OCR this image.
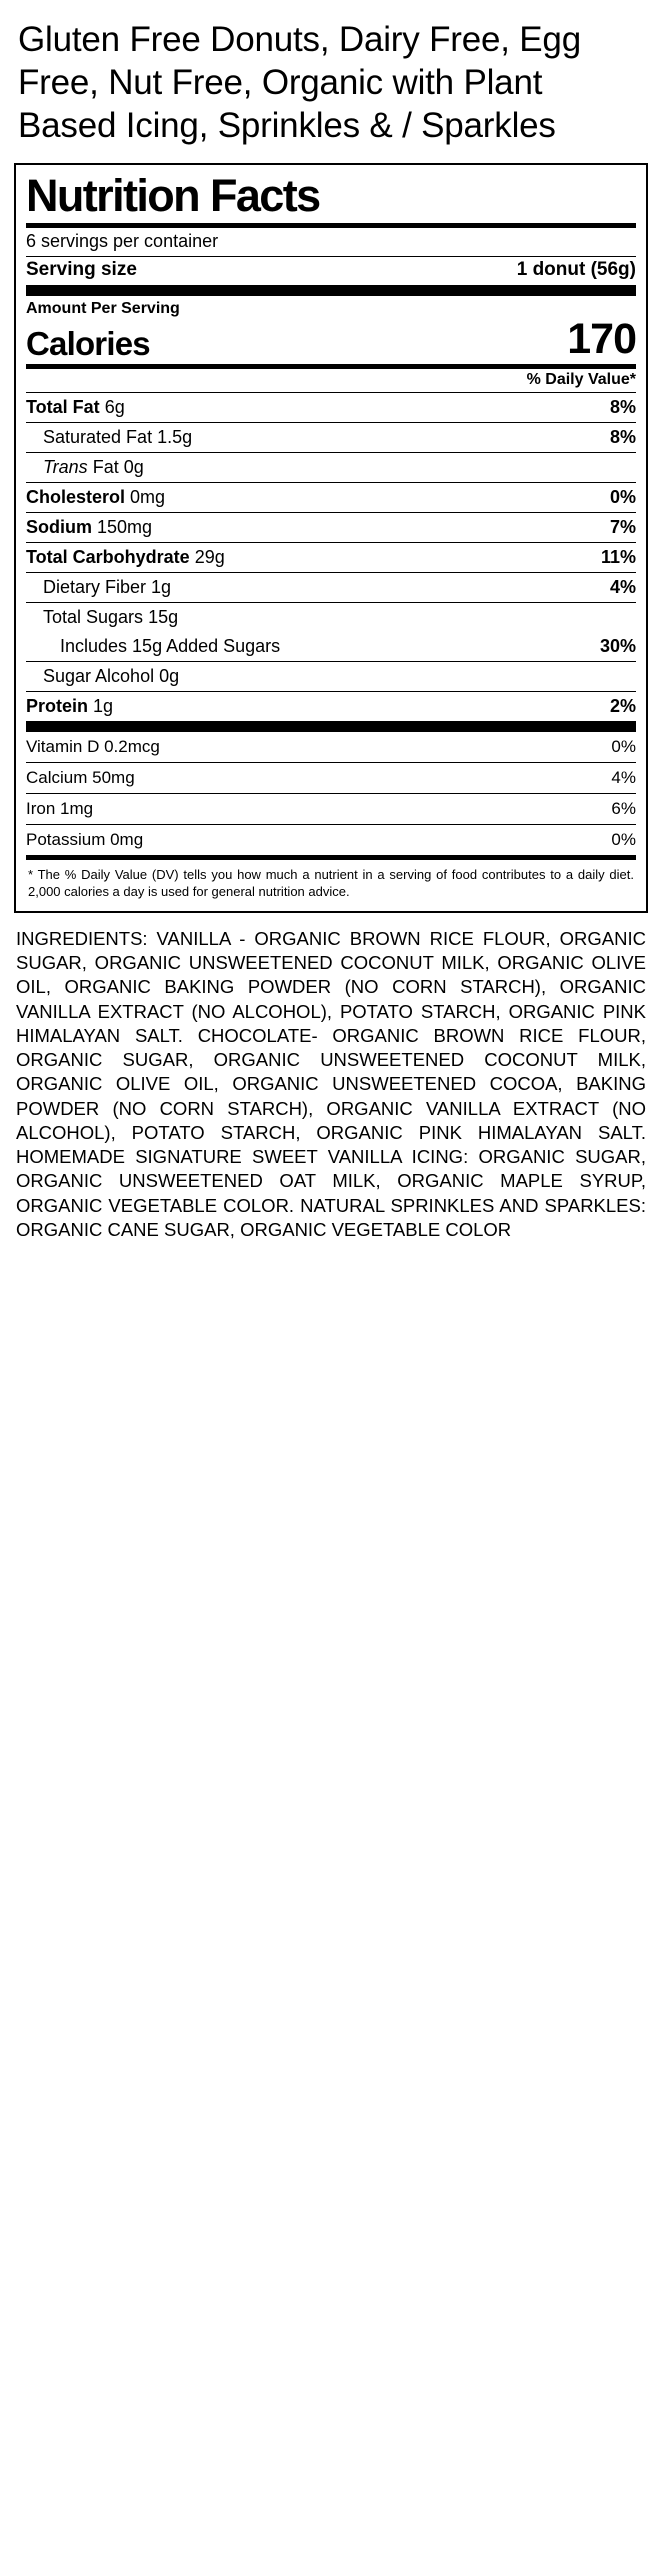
Gluten Free Donuts, Dairy Free, Egg Free, Nut Free, Organic with Plant Based Icing, Sprinkles & / Sparkles
Nutrition Facts
6 servings per container
Serving size	1 donut (56g)
Amount Per Serving
Calories	170
% Daily Value*
Total Fat 6g	8%
Saturated Fat 1.5g	8%
Trans Fat 0g
Cholesterol 0mg	0%
Sodium 150mg	7%
Total Carbohydrate 29g	11%
Dietary Fiber 1g	4%
Total Sugars 15g
Includes 15g Added Sugars	30%
Sugar Alcohol 0g
Protein 1g	2%
Vitamin D 0.2mcg	0%
Calcium 50mg	4%
Iron 1mg	6%
Potassium 0mg	0%
* The % Daily Value (DV) tells you how much a nutrient in a serving of food contributes to a daily diet. 2,000 calories a day is used for general nutrition advice.
INGREDIENTS: VANILLA - ORGANIC BROWN RICE FLOUR, ORGANIC SUGAR, ORGANIC UNSWEETENED COCONUT MILK, ORGANIC OLIVE OIL, ORGANIC BAKING POWDER (NO CORN STARCH), ORGANIC VANILLA EXTRACT (NO ALCOHOL), POTATO STARCH, ORGANIC PINK HIMALAYAN SALT. CHOCOLATE- ORGANIC BROWN RICE FLOUR, ORGANIC SUGAR, ORGANIC UNSWEETENED COCONUT MILK, ORGANIC OLIVE OIL, ORGANIC UNSWEETENED COCOA, BAKING POWDER (NO CORN STARCH), ORGANIC VANILLA EXTRACT (NO ALCOHOL), POTATO STARCH, ORGANIC PINK HIMALAYAN SALT. HOMEMADE SIGNATURE SWEET VANILLA ICING: ORGANIC SUGAR, ORGANIC UNSWEETENED OAT MILK, ORGANIC MAPLE SYRUP, ORGANIC VEGETABLE COLOR. NATURAL SPRINKLES AND SPARKLES: ORGANIC CANE SUGAR, ORGANIC VEGETABLE COLOR
